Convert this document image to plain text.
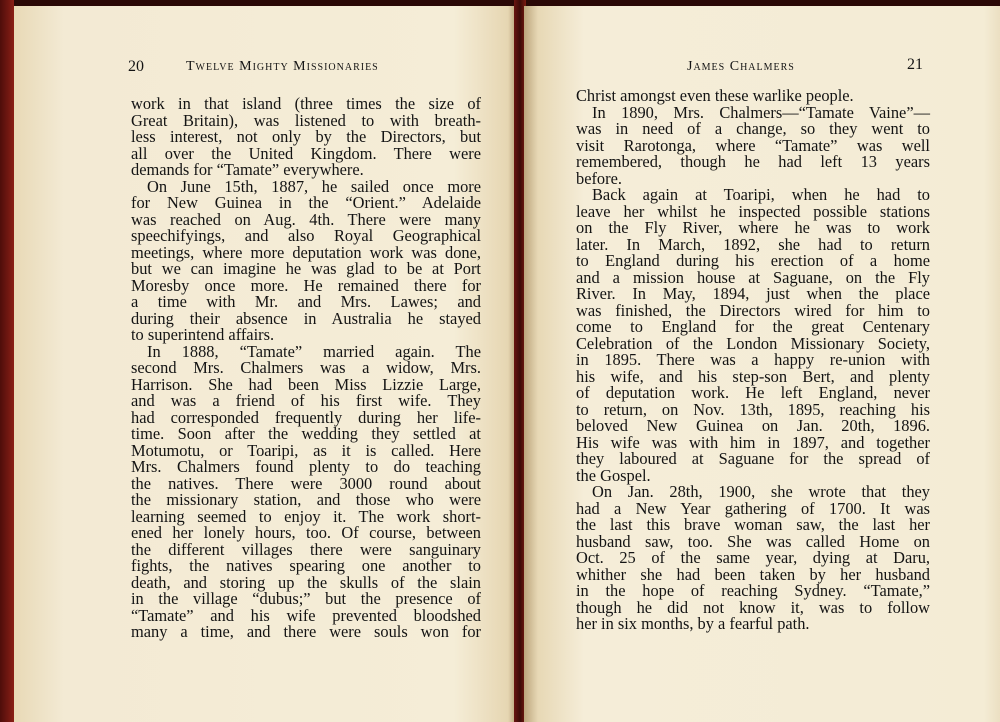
20	Twelve Mighty Missionaries
work in that island (three times the size of
Great Britain), was listened to with breath-
less interest, not only by the Directors, but
all over the United Kingdom. There were
demands for “Tamate” everywhere.
On June 15th, 1887, he sailed once more
for New Guinea in the “Orient.” Adelaide
was reached on Aug. 4th. There were many
speechifyings, and also Royal Geographical
meetings, where more deputation work was done,
but we can imagine he was glad to be at Port
Moresby once more. He remained there for
a time with Mr. and Mrs. Lawes; and
during their absence in Australia he stayed
to superintend affairs.
In 1888, “Tamate” married again. The
second Mrs. Chalmers was a widow, Mrs.
Harrison. She had been Miss Lizzie Large,
and was a friend of his first wife. They
had corresponded frequently during her life-
time. Soon after the wedding they settled at
Motumotu, or Toaripi, as it is called. Here
Mrs. Chalmers found plenty to do teaching
the natives. There were 3000 round about
the missionary station, and those who were
learning seemed to enjoy it. The work short-
ened her lonely hours, too. Of course, between
the different villages there were sanguinary
fights, the natives spearing one another to
death, and storing up the skulls of the slain
in the village “dubus;” but the presence of
“Tamate” and his wife prevented bloodshed
many a time, and there were souls won for
21
James Chalmers
Christ amongst even these warlike people.
In 1890, Mrs. Chalmers—“Tamate Vaine”—
was in need of a change, so they went to
visit Rarotonga, where “Tamate” was well
remembered, though he had left 13 years
before.
Back again at Toaripi, when he had to
leave her whilst he inspected possible stations
on the Fly River, where he was to work
later. In March, 1892, she had to return
to England during his erection of a home
and a mission house at Saguane, on the Fly
River. In May, 1894, just when the place
was finished, the Directors wired for him to
come to England for the great Centenary
Celebration of the London Missionary Society,
in 1895. There was a happy re-union with
his wife, and his step-son Bert, and plenty
of deputation work. He left England, never
to return, on Nov. 13th, 1895, reaching his
beloved New Guinea on Jan. 20th, 1896.
His wife was with him in 1897, and together
they laboured at Saguane for the spread of
the Gospel.
On Jan. 28th, 1900, she wrote that they
had a New Year gathering of 1700. It was
the last this brave woman saw, the last her
husband saw, too. She was called Home on
Oct. 25 of the same year, dying at Daru,
whither she had been taken by her husband
in the hope of reaching Sydney. “Tamate,”
though he did not know it, was to follow
her in six months, by a fearful path.
